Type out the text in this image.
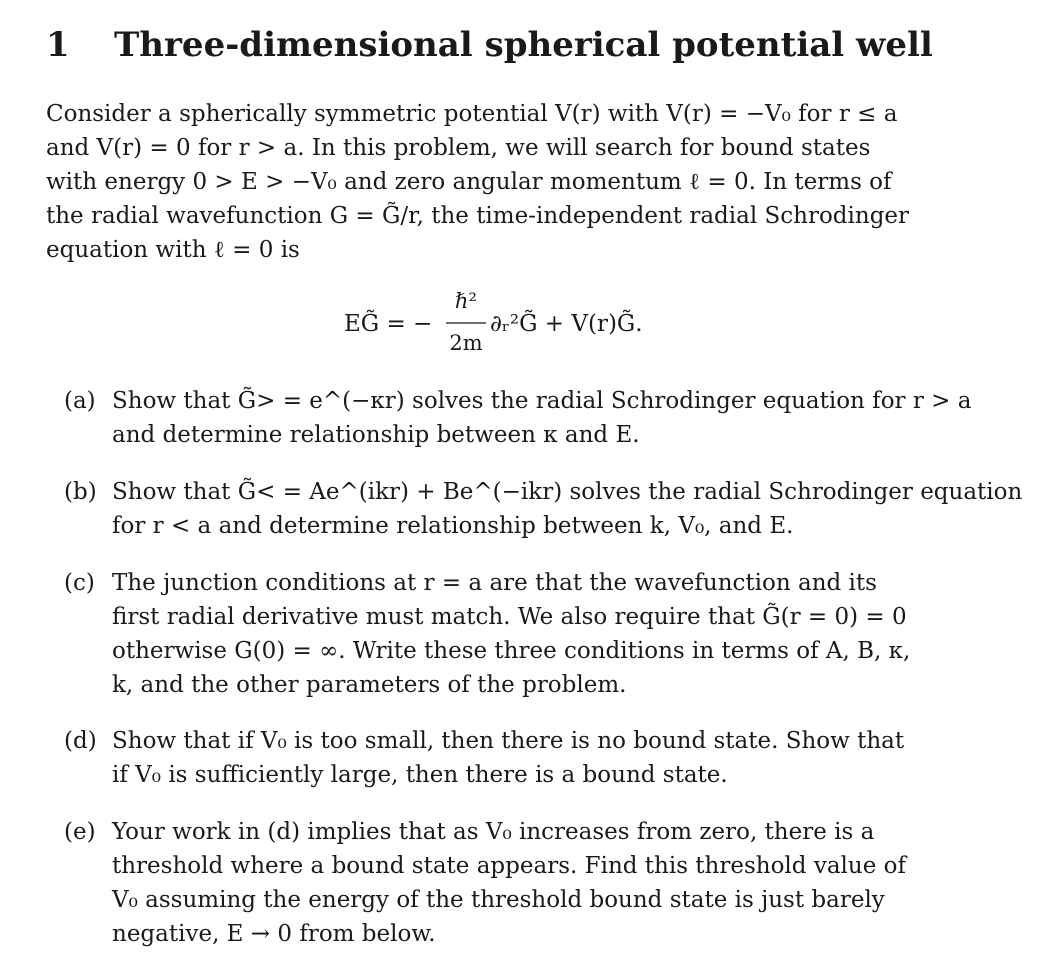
1 Three-dimensional spherical potential well
Consider a spherically symmetric potential V(r) with V(r) = −V₀ for r ≤ a
and V(r) = 0 for r > a. In this problem, we will search for bound states
with energy 0 > E > −V₀ and zero angular momentum ℓ = 0. In terms of
the radial wavefunction G = G̃/r, the time-independent radial Schrodinger
equation with ℓ = 0 is
EG̃ = −
ℏ²
2m
∂ᵣ²G̃ + V(r)G̃.
(a) Show that G̃> = e^(−κr) solves the radial Schrodinger equation for r > a
and determine relationship between κ and E.
(b) Show that G̃< = Ae^(ikr) + Be^(−ikr) solves the radial Schrodinger equation
for r < a and determine relationship between k, V₀, and E.
(c) The junction conditions at r = a are that the wavefunction and its
first radial derivative must match. We also require that G̃(r = 0) = 0
otherwise G(0) = ∞. Write these three conditions in terms of A, B, κ,
k, and the other parameters of the problem.
(d) Show that if V₀ is too small, then there is no bound state. Show that
if V₀ is sufficiently large, then there is a bound state.
(e) Your work in (d) implies that as V₀ increases from zero, there is a
threshold where a bound state appears. Find this threshold value of
V₀ assuming the energy of the threshold bound state is just barely
negative, E → 0 from below.
